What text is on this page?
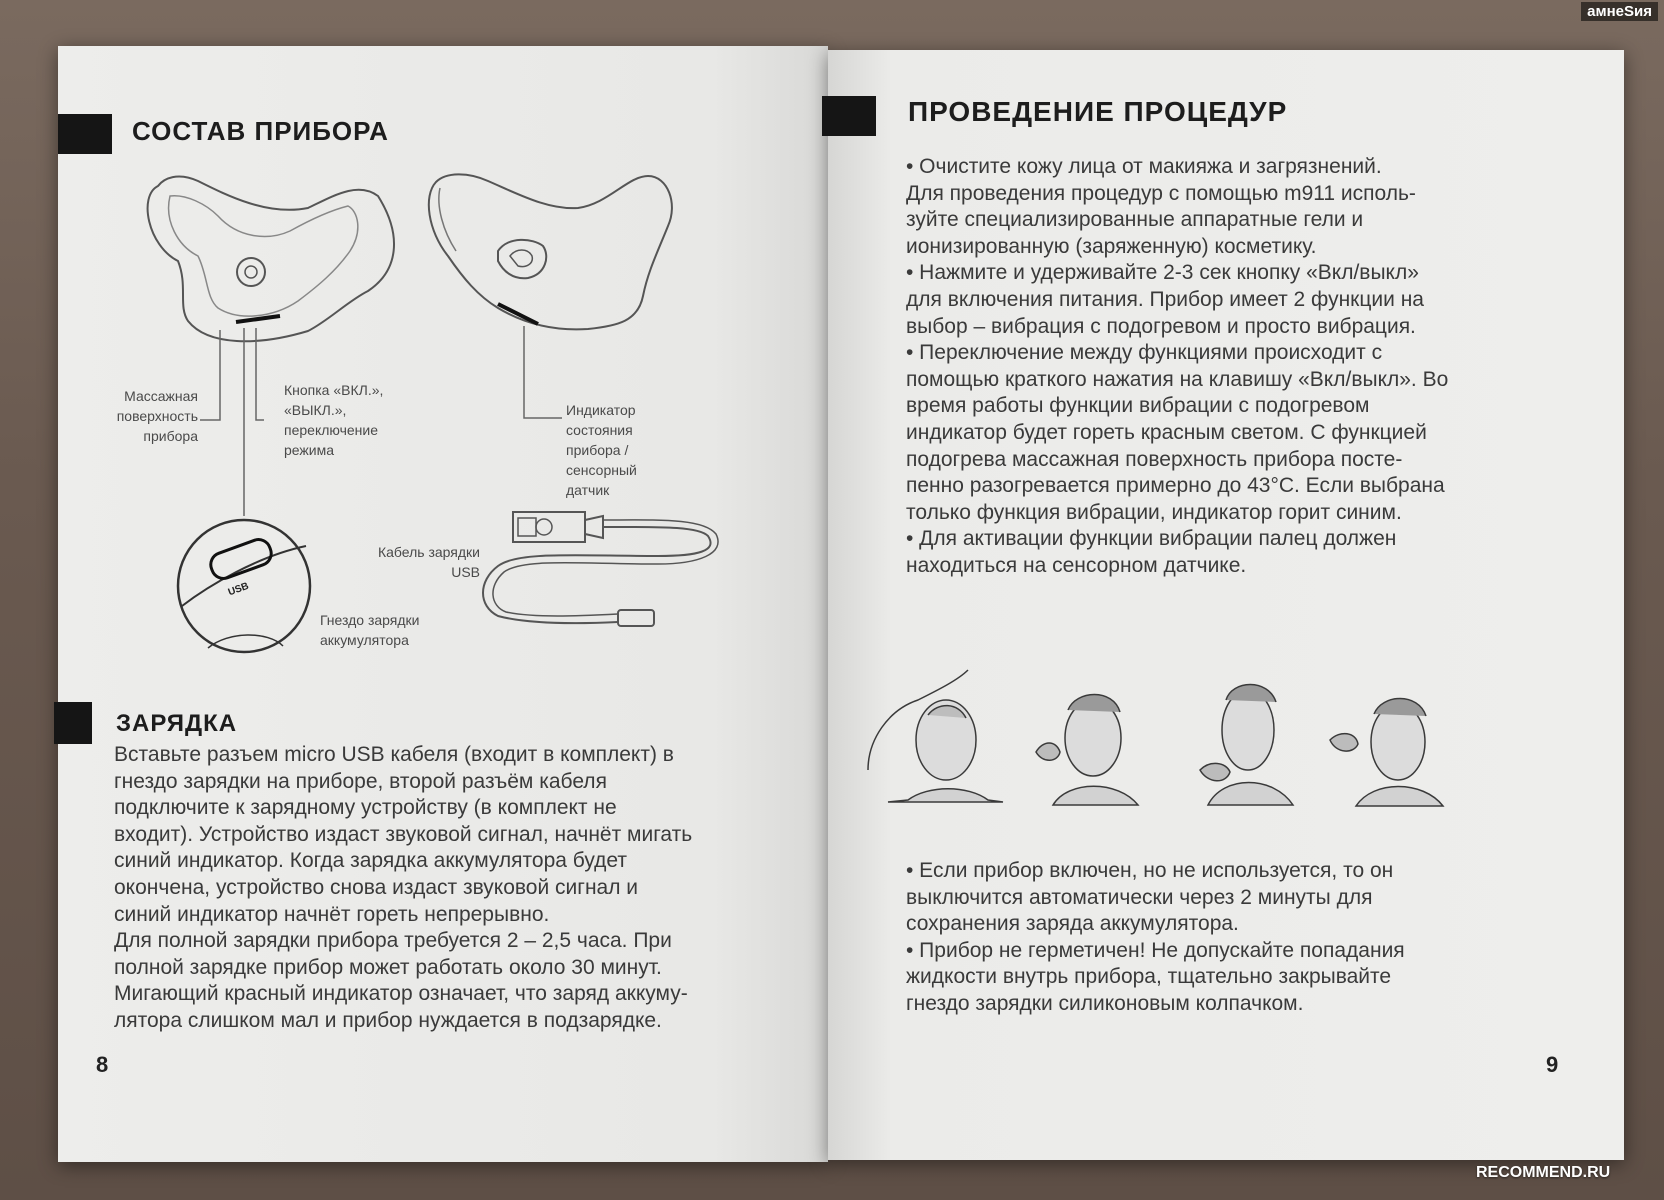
амнеSия
СОСТАВ ПРИБОРА
Массажная
поверхность
прибора
Кнопка «ВКЛ.»,
«ВЫКЛ.»,
переключение
режима
Индикатор
состояния
прибора /
сенсорный
датчик
Кабель зарядки
USB
Гнездо зарядки
аккумулятора
USB
ЗАРЯДКА

Вставьте разъем micro USB кабеля (входит в комплект) в

гнездо зарядки на приборе, второй разъём кабеля

подключите к зарядному устройству (в комплект не

входит). Устройство издаст звуковой сигнал, начнёт мигать

синий индикатор. Когда зарядка аккумулятора будет

окончена, устройство снова издаст звуковой сигнал и

синий индикатор начнёт гореть непрерывно.

Для полной зарядки прибора требуется 2 – 2,5 часа. При

полной зарядке прибор может работать около 30 минут.

Мигающий красный индикатор означает, что заряд аккуму-

лятора слишком мал и прибор нуждается в подзарядке.

8
ПРОВЕДЕНИЕ ПРОЦЕДУР

• Очистите кожу лица от макияжа и загрязнений.

Для проведения процедур с помощью m911 исполь-

зуйте специализированные аппаратные гели и

ионизированную (заряженную) косметику.

• Нажмите и удерживайте 2-3 сек кнопку «Вкл/выкл»

для включения питания. Прибор имеет 2 функции на

выбор – вибрация с подогревом и просто вибрация.

• Переключение между функциями происходит с

помощью краткого нажатия на клавишу «Вкл/выкл». Во

время работы функции вибрации с подогревом

индикатор будет гореть красным светом. С функцией

подогрева массажная поверхность прибора посте-

пенно разогревается примерно до 43°С. Если выбрана

только функция вибрации, индикатор горит синим.

• Для активации функции вибрации палец должен

находиться на сенсорном датчике.

• Если прибор включен, но не используется, то он

выключится автоматически через 2 минуты для

сохранения заряда аккумулятора.

• Прибор не герметичен! Не допускайте попадания

жидкости внутрь прибора, тщательно закрывайте

гнездо зарядки силиконовым колпачком.

9
RECOMMEND.RU
